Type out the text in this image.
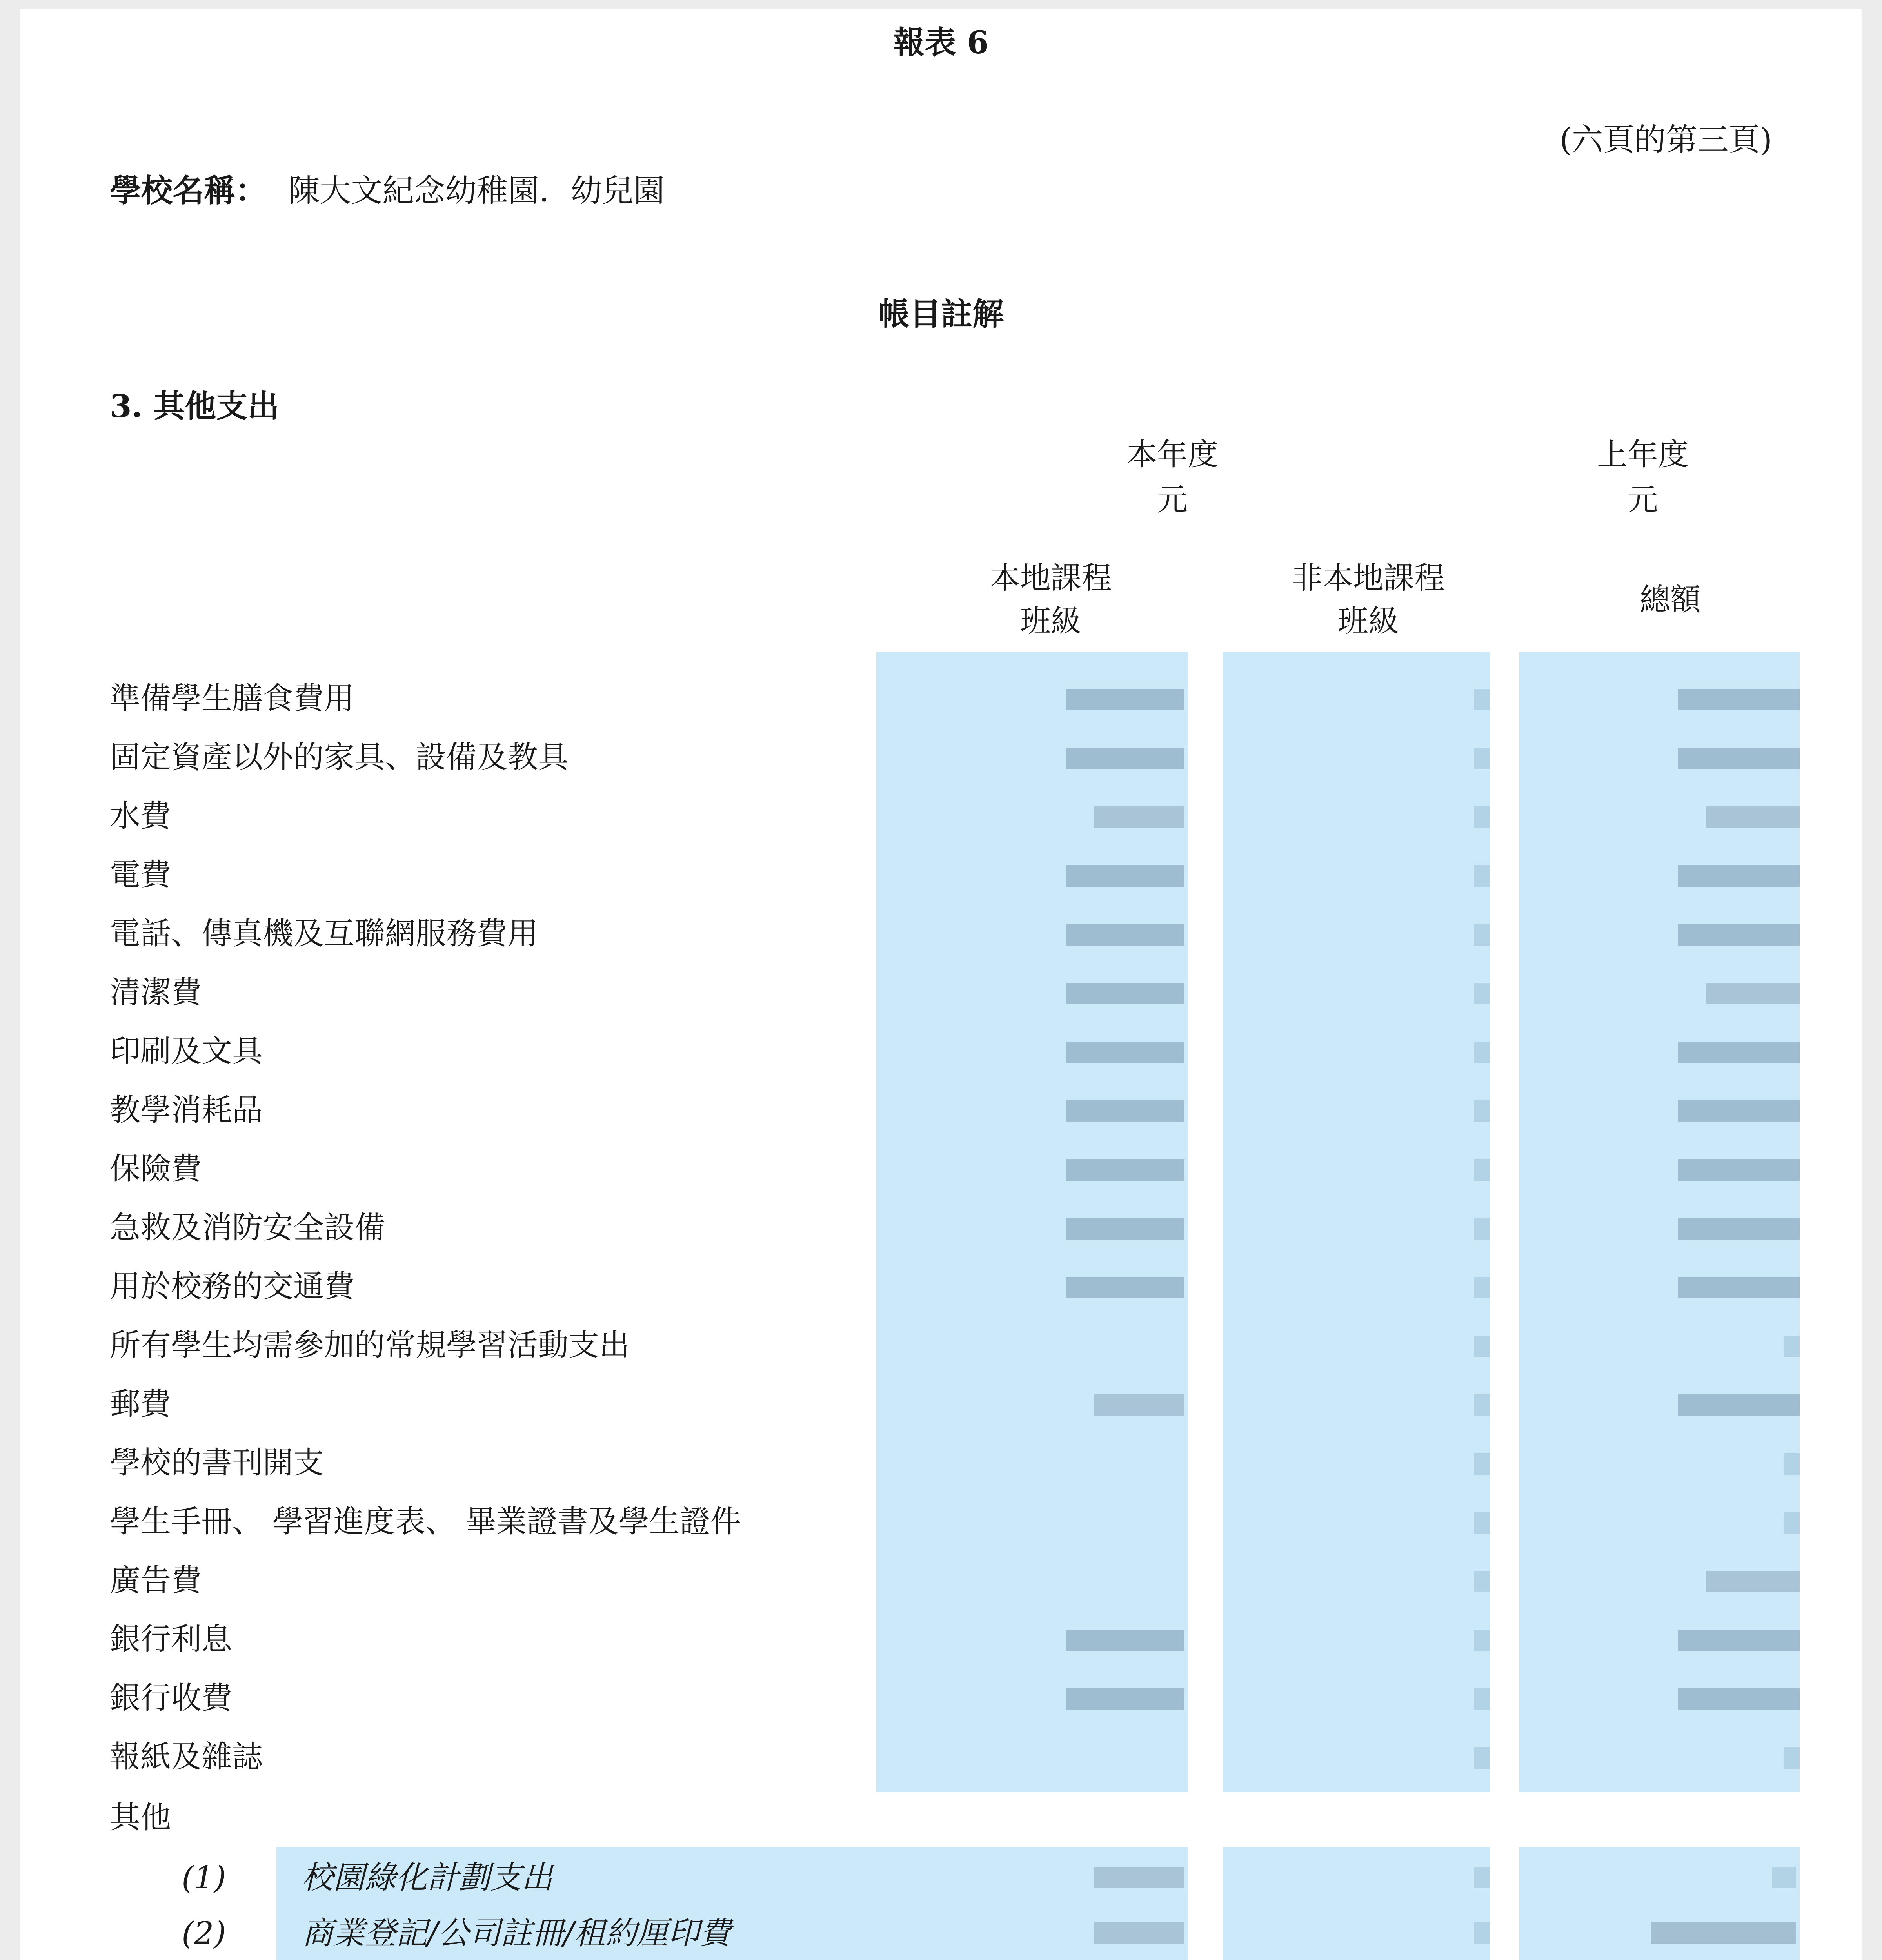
報表 6
(六頁的第三頁)
學校名稱： 陳大文紀念幼稚園．幼兒園
帳目註解
3. 其他支出
本年度
元
上年度
元
本地課程
班級
非本地課程
班級
總額
準備學生膳食費用
固定資產以外的家具、設備及教具
水費
電費
電話、傳真機及互聯網服務費用
清潔費
印刷及文具
教學消耗品
保險費
急救及消防安全設備
用於校務的交通費
所有學生均需參加的常規學習活動支出
郵費
學校的書刊開支
學生手冊、 學習進度表、 畢業證書及學生證件
廣告費
銀行利息
銀行收費
報紙及雜誌
其他
(1)	校園綠化計劃支出
(2)	商業登記/公司註冊/租約厘印費
